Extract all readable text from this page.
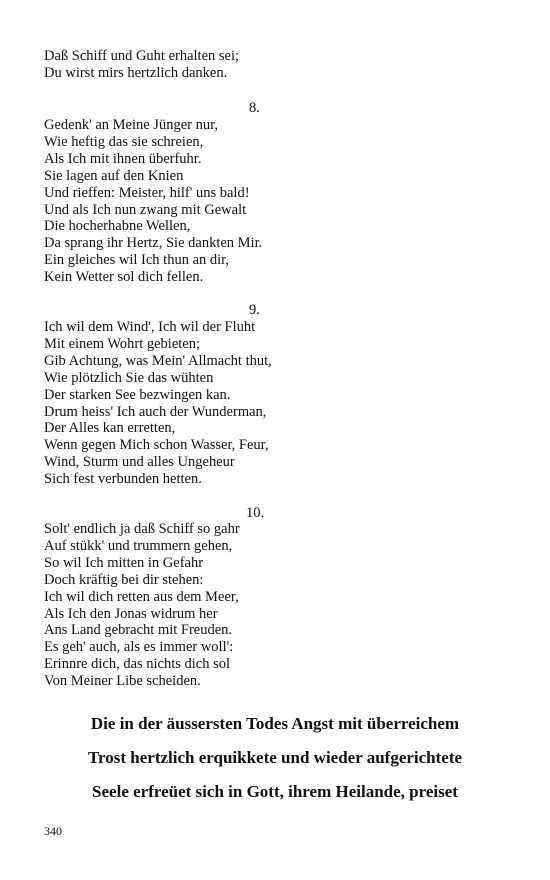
Daß Schiff und Guht erhalten sei;
Du wirst mirs hertzlich danken.
8.
Gedenk' an Meine Jünger nur,
Wie heftig das sie schreien,
Als Ich mit ihnen überfuhr.
Sie lagen auf den Knien
Und rieffen: Meister, hilf' uns bald!
Und als Ich nun zwang mit Gewalt
Die hocherhabne Wellen,
Da sprang ihr Hertz, Sie dankten Mir.
Ein gleiches wil Ich thun an dir,
Kein Wetter sol dich fellen.
9.
Ich wil dem Wind', Ich wil der Fluht
Mit einem Wohrt gebieten;
Gib Achtung, was Mein' Allmacht thut,
Wie plötzlich Sie das wühten
Der starken See bezwingen kan.
Drum heiss' Ich auch der Wunderman,
Der Alles kan erretten,
Wenn gegen Mich schon Wasser, Feur,
Wind, Sturm und alles Ungeheur
Sich fest verbunden hetten.
10.
Solt' endlich ja daß Schiff so gahr
Auf stükk' und trummern gehen,
So wil Ich mitten in Gefahr
Doch kräftig bei dir stehen:
Ich wil dich retten aus dem Meer,
Als Ich den Jonas widrum her
Ans Land gebracht mit Freuden.
Es geh' auch, als es immer woll':
Erinnre dich, das nichts dich sol
Von Meiner Libe scheiden.
Die in der äussersten Todes Angst mit überreichem
Trost hertzlich erquikkete und wieder aufgerichtete
Seele erfreüet sich in Gott, ihrem Heilande, preiset
340
